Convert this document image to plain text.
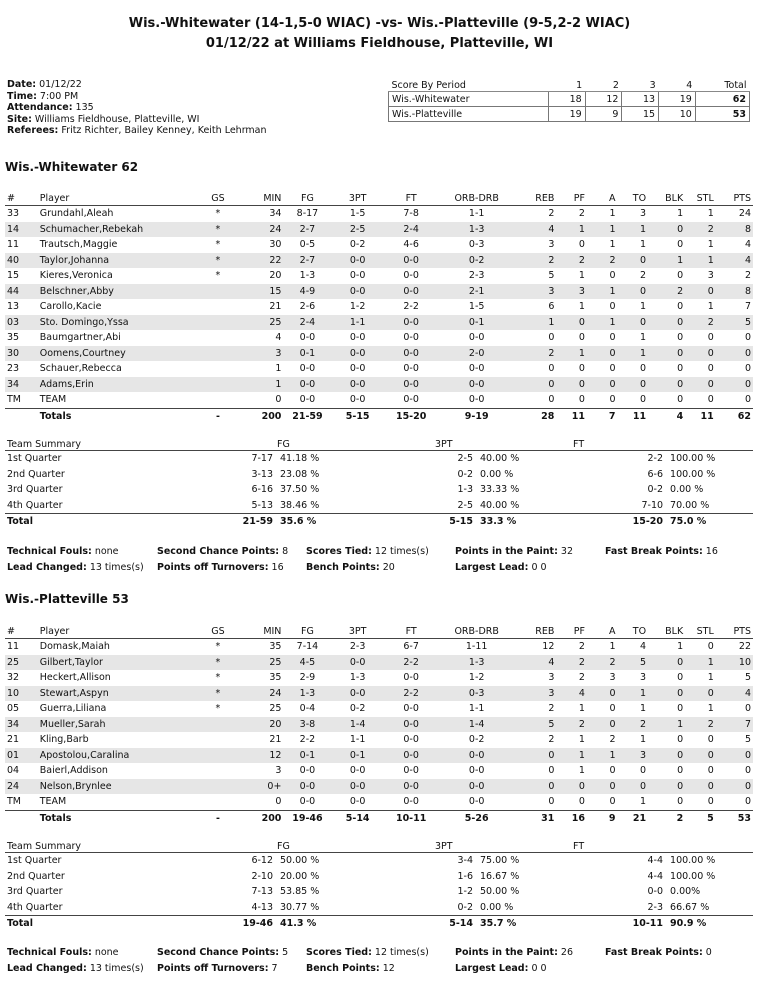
Wis.-Whitewater (14-1,5-0 WIAC) -vs- Wis.-Platteville (9-5,2-2 WIAC)
01/12/22 at Williams Fieldhouse, Platteville, WI
Date: 01/12/22
Time: 7:00 PM
Attendance: 135
Site: Williams Fieldhouse, Platteville, WI
Referees: Fritz Richter, Bailey Kenney, Keith Lehrman
Score By Period	1	2	3	4	Total
Wis.-Whitewater	18	12	13	19	62
Wis.-Platteville	19	9	15	10	53
Wis.-Whitewater 62
#	Player	GS	MIN	FG	3PT	FT	ORB-DRB	REB	PF	A	TO	BLK	STL	PTS
33	Grundahl,Aleah	*	34	8-17	1-5	7-8	1-1	2	2	1	3	1	1	24
14	Schumacher,Rebekah	*	24	2-7	2-5	2-4	1-3	4	1	1	1	0	2	8
11	Trautsch,Maggie	*	30	0-5	0-2	4-6	0-3	3	0	1	1	0	1	4
40	Taylor,Johanna	*	22	2-7	0-0	0-0	0-2	2	2	2	0	1	1	4
15	Kieres,Veronica	*	20	1-3	0-0	0-0	2-3	5	1	0	2	0	3	2
44	Belschner,Abby		15	4-9	0-0	0-0	2-1	3	3	1	0	2	0	8
13	Carollo,Kacie		21	2-6	1-2	2-2	1-5	6	1	0	1	0	1	7
03	Sto. Domingo,Yssa		25	2-4	1-1	0-0	0-1	1	0	1	0	0	2	5
35	Baumgartner,Abi		4	0-0	0-0	0-0	0-0	0	0	0	1	0	0	0
30	Oomens,Courtney		3	0-1	0-0	0-0	2-0	2	1	0	1	0	0	0
23	Schauer,Rebecca		1	0-0	0-0	0-0	0-0	0	0	0	0	0	0	0
34	Adams,Erin		1	0-0	0-0	0-0	0-0	0	0	0	0	0	0	0
TM	TEAM		0	0-0	0-0	0-0	0-0	0	0	0	0	0	0	0
	Totals	-	200	21-59	5-15	15-20	9-19	28	11	7	11	4	11	62
Team Summary	FG		3PT		FT	
1st Quarter	7-17	41.18 %	2-5	40.00 %	2-2	100.00 %
2nd Quarter	3-13	23.08 %	0-2	0.00 %	6-6	100.00 %
3rd Quarter	6-16	37.50 %	1-3	33.33 %	0-2	0.00 %
4th Quarter	5-13	38.46 %	2-5	40.00 %	7-10	70.00 %
Total	21-59	35.6 %	5-15	33.3 %	15-20	75.0 %
Technical Fouls: none	Second Chance Points: 8 Scores Tied: 12 times(s)	Points in the Paint: 32	Fast Break Points: 16
Lead Changed: 13 times(s) Points off Turnovers: 16 Bench Points: 20	Largest Lead: 0 0
Wis.-Platteville 53
#	Player	GS	MIN	FG	3PT	FT	ORB-DRB	REB	PF	A	TO	BLK	STL	PTS
11	Domask,Maiah	*	35	7-14	2-3	6-7	1-11	12	2	1	4	1	0	22
25	Gilbert,Taylor	*	25	4-5	0-0	2-2	1-3	4	2	2	5	0	1	10
32	Heckert,Allison	*	35	2-9	1-3	0-0	1-2	3	2	3	3	0	1	5
10	Stewart,Aspyn	*	24	1-3	0-0	2-2	0-3	3	4	0	1	0	0	4
05	Guerra,Liliana	*	25	0-4	0-2	0-0	1-1	2	1	0	1	0	1	0
34	Mueller,Sarah		20	3-8	1-4	0-0	1-4	5	2	0	2	1	2	7
21	Kling,Barb		21	2-2	1-1	0-0	0-2	2	1	2	1	0	0	5
01	Apostolou,Caralina		12	0-1	0-1	0-0	0-0	0	1	1	3	0	0	0
04	Baierl,Addison		3	0-0	0-0	0-0	0-0	0	1	0	0	0	0	0
24	Nelson,Brynlee		0+	0-0	0-0	0-0	0-0	0	0	0	0	0	0	0
TM	TEAM		0	0-0	0-0	0-0	0-0	0	0	0	1	0	0	0
	Totals	-	200	19-46	5-14	10-11	5-26	31	16	9	21	2	5	53
Team Summary	FG		3PT		FT	
1st Quarter	6-12	50.00 %	3-4	75.00 %	4-4	100.00 %
2nd Quarter	2-10	20.00 %	1-6	16.67 %	4-4	100.00 %
3rd Quarter	7-13	53.85 %	1-2	50.00 %	0-0	0.00%
4th Quarter	4-13	30.77 %	0-2	0.00 %	2-3	66.67 %
Total	19-46	41.3 %	5-14	35.7 %	10-11	90.9 %
Technical Fouls: none	Second Chance Points: 5 Scores Tied: 12 times(s)	Points in the Paint: 26	Fast Break Points: 0
Lead Changed: 13 times(s) Points off Turnovers: 7	Bench Points: 12	Largest Lead: 0 0
